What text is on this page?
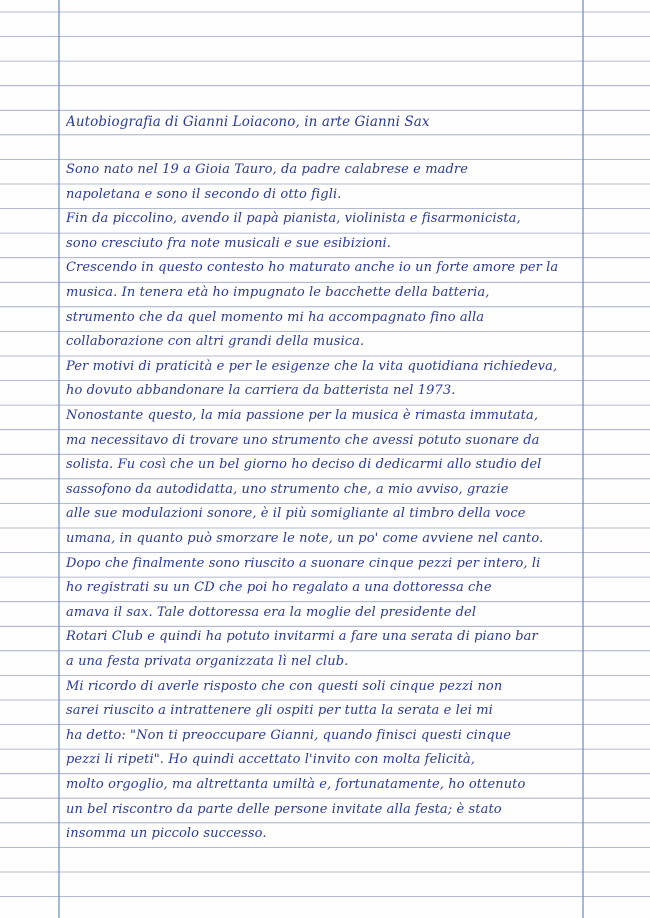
Autobiografia di Gianni Loiacono, in arte Gianni Sax
Sono nato nel 19 a Gioia Tauro, da padre calabrese e madre
napoletana e sono il secondo di otto figli.
Fin da piccolino, avendo il papà pianista, violinista e fisarmonicista,
sono cresciuto fra note musicali e sue esibizioni.
Crescendo in questo contesto ho maturato anche io un forte amore per la
musica. In tenera età ho impugnato le bacchette della batteria,
strumento che da quel momento mi ha accompagnato fino alla
collaborazione con altri grandi della musica.
Per motivi di praticità e per le esigenze che la vita quotidiana richiedeva,
ho dovuto abbandonare la carriera da batterista nel 1973.
Nonostante questo, la mia passione per la musica è rimasta immutata,
ma necessitavo di trovare uno strumento che avessi potuto suonare da
solista. Fu così che un bel giorno ho deciso di dedicarmi allo studio del
sassofono da autodidatta, uno strumento che, a mio avviso, grazie
alle sue modulazioni sonore, è il più somigliante al timbro della voce
umana, in quanto può smorzare le note, un po' come avviene nel canto.
Dopo che finalmente sono riuscito a suonare cinque pezzi per intero, li
ho registrati su un CD che poi ho regalato a una dottoressa che
amava il sax. Tale dottoressa era la moglie del presidente del
Rotari Club e quindi ha potuto invitarmi a fare una serata di piano bar
a una festa privata organizzata lì nel club.
Mi ricordo di averle risposto che con questi soli cinque pezzi non
sarei riuscito a intrattenere gli ospiti per tutta la serata e lei mi
ha detto: "Non ti preoccupare Gianni, quando finisci questi cinque
pezzi li ripeti". Ho quindi accettato l'invito con molta felicità,
molto orgoglio, ma altrettanta umiltà e, fortunatamente, ho ottenuto
un bel riscontro da parte delle persone invitate alla festa; è stato
insomma un piccolo successo.
